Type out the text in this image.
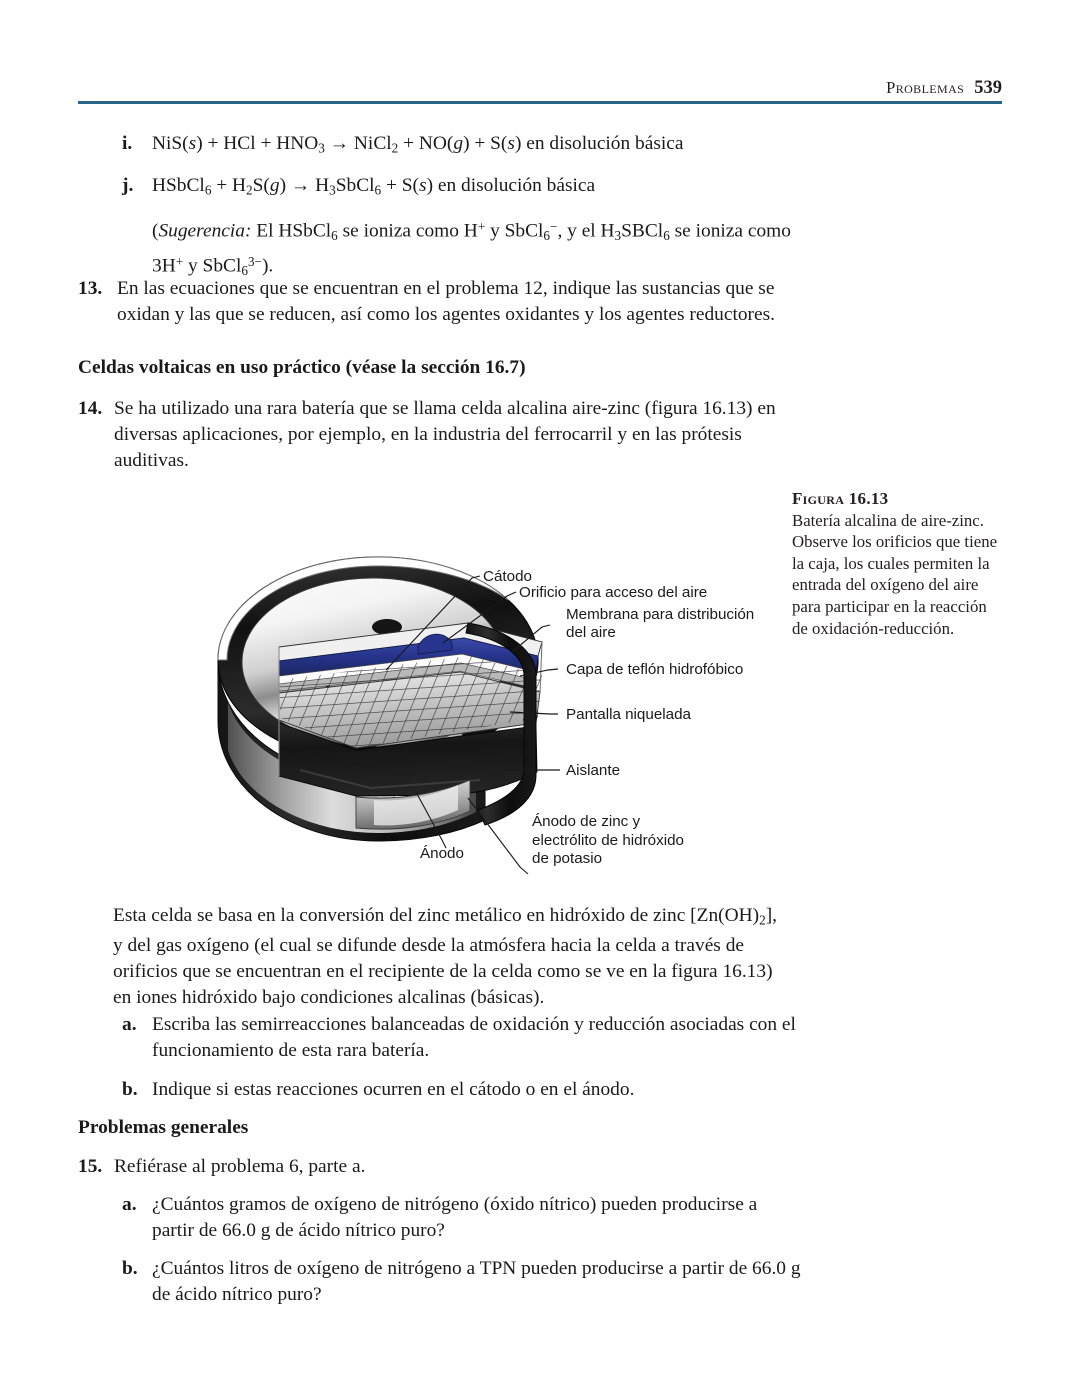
Problemas 539

i. NiS(s) + HCl + $HNO_3$ → NiCl$_2$ + NO(g) + S(s) en disolución básica

j. HSbCl$_6$ + $H_2S(g)$ → $H_3SbCl_6 + S(s)$ en disolución básica

(Sugerencia: El HSbCl$_6$ se ioniza como H+ y SbCl$_6$−, y el $H_3SBCl_6$ se ioniza como 3H+ y SbCl$_6^{3-}$).

13. En las ecuaciones que se encuentran en el problema 12, indique las sustancias que se oxidan y las que se reducen, así como los agentes oxidantes y los agentes reductores.

Celdas voltaicas en uso práctico (véase la sección 16.7)

14. Se ha utilizado una rara batería que se llama celda alcalina aire-zinc (figura 16.13) en diversas aplicaciones, por ejemplo, en la industria del ferrocarril y en las prótesis auditivas.

Cátodo
Orificio para acceso del aire
Membrana para distribución
del aire
Capa de teflón hidrofóbico
Pantalla niquelada
Aislante
Ánodo
Ánodo de zinc y
electrólito de hidróxido
de potasio
Figura 16.13
Batería alcalina de aire-zinc. Observe los orificios que tiene la caja, los cuales permiten la entrada del oxígeno del aire para participar en la reacción de oxidación-reducción.

Esta celda se basa en la conversión del zinc metálico en hidróxido de zinc $[Zn(OH)_2]$, y del gas oxígeno (el cual se difunde desde la atmósfera hacia la celda a través de orificios que se encuentran en el recipiente de la celda como se ve en la figura 16.13) en iones hidróxido bajo condiciones alcalinas (básicas).

a. Escriba las semirreacciones balanceadas de oxidación y reducción asociadas con el funcionamiento de esta rara batería.

b. Indique si estas reacciones ocurren en el cátodo o en el ánodo.

Problemas generales

15. Refiérase al problema 6, parte a.

a. ¿Cuántos gramos de oxígeno de nitrógeno (óxido nítrico) pueden producirse a partir de 66.0 g de ácido nítrico puro?

b. ¿Cuántos litros de oxígeno de nitrógeno a TPN pueden producirse a partir de 66.0 g de ácido nítrico puro?
